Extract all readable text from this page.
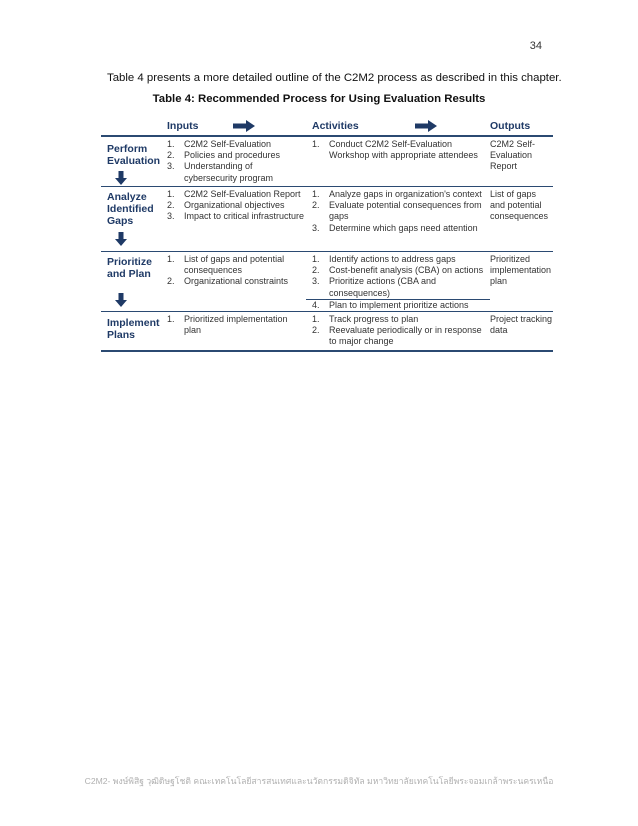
34
Table 4 presents a more detailed outline of the C2M2 process as described in this chapter.
Table 4: Recommended Process for Using Evaluation Results
Inputs	Activities	Outputs
Perform
Evaluation
1. C2M2 Self-Evaluation
2. Policies and procedures
3. Understanding of cybersecurity program
1. Conduct C2M2 Self-Evaluation Workshop with appropriate attendees
C2M2 Self-Evaluation Report
Analyze
Identified
Gaps
1. C2M2 Self-Evaluation Report
2. Organizational objectives
3. Impact to critical infrastructure
1. Analyze gaps in organization's context
2. Evaluate potential consequences from gaps
3. Determine which gaps need attention
List of gaps and potential consequences
Prioritize
and Plan
1. List of gaps and potential consequences
2. Organizational constraints
1. Identify actions to address gaps
2. Cost-benefit analysis (CBA) on actions
3. Prioritize actions (CBA and consequences)
4. Plan to implement prioritize actions
Prioritized implementation plan
Implement
Plans
1. Prioritized implementation plan
1. Track progress to plan
2. Reevaluate periodically or in response to major change
Project tracking data
C2M2- พงษ์พิสิฐ วุฒิดิษฐโชติ คณะเทคโนโลยีสารสนเทศและนวัตกรรมดิจิทัล มหาวิทยาลัยเทคโนโลยีพระจอมเกล้าพระนครเหนือ
